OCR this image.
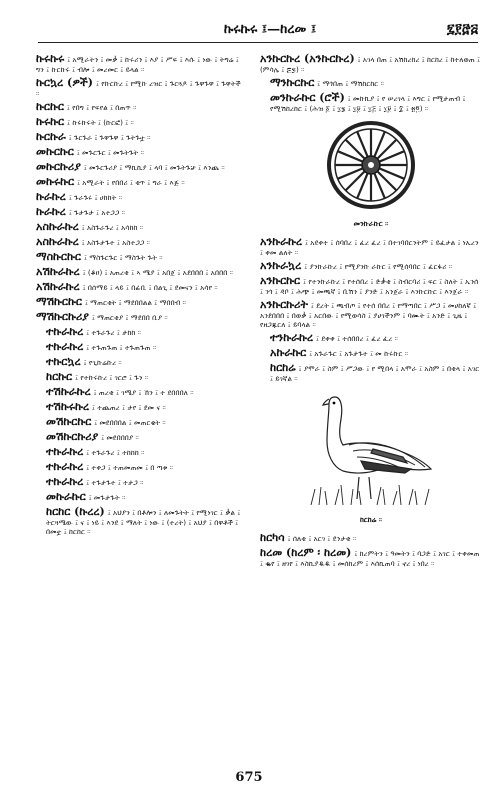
ኩሩኩሩ ፤—ከረመ ፤	፯፻፸፭
ኩሩኩሩ ፤ አሚራትን ፤ መቃ ፤ ኩሩሪን ፤ እያ ፤ ሥፍ ፤ እሱ ፤ ነው ፤ ትግሬ ፤ ግን ፤ ኩርኩሩ ፤ ብሎ ፤ መረመር ፤ ይላል ።
ኩርኳረ (ዎች) ፤ የኩርኩረ ፤ የሚኩ ረዝር ፤ ጉርጓዶ ፤ ጉዋጉዋ ፤ ጉዋትች ።
ኩርኩር ፤ የበግ ፤ የፍየል ፤ በጠጥ ።
ኩሩኩር ፤ ኩሩኩሩት ፤ (ኩርፎ) ፤ ።
ኩርኩራ ፤ ጉርጉራ ፤ ጉዋጉዋ ፤ ጉትጉቷ ።
መኩርኩር ፤ መጉርጉር ፤ መጉትጉት ።
መኩርኩሪያ ፤ መጉርጉሪያ ፤ ማኪኪያ ፤ ላባ ፤ መጉትጉቻ ፤ እንጨ ።
መኩሩኩር ፤ አሚራት ፤ የበበሪ ፤ ቂጥ ፤ ግራ ፤ እጅ ።
ኩራኩረ ፤ ጉራጉሩ ፤ ሀከከት ።
ኩራኩረ ፤ ጉታጉታ ፤ አተጋጋ ።
አስኩራኩረ ፤ አስጉራጉረ ፤ አሳከከ ።
አስኩራኩረ ፤ አስጉታጉተ ፤ አስተጋጋ ።
ማስኩርኩር ፤ ማስጉርጉር ፤ ማስጉት ጉት ።
አሽኩራኩረ ፤ (ቆዐ) ፤ አጠረቂ ፤ ኣ ሜያ ፤ አበጀ ፤ አደበበበ ፤ አበበበ ።
አሽኩራኩረ ፤ በሰማይ ፤ ላይ ፤ በፊቢ ፤ በልጊ ፤ ደመናን ፤ አሳየ ።
ማሽኩርኩር ፤ ማጠርቂት ፤ ማደበበልል ፤ ማበበብ ።
ማሽኩርኩሪያ ፤ ማጠርቂያ ፤ ማደበበ ቢያ ።
ተኩራኩረ ፤ ተጉራጉረ ፤ ታከከ ።
ተኩራኩረ ፤ ተጉጠጉጠ ፤ ተጉጠጉጠ ።
ተኩርኳረ ፤ የጊኩሬኩረ ።
ከርኩር ፤ የተኩሩኩረ ፤ ገርሮ ፤ ጉን ።
ተሽኩራኩረ ፤ ጠረቂ ፤ ገሜያ ፤ ኸን ፤ ተ ደበበበለ ።
ተሽኩሩኩረ ፤ ተጨጠረ ፤ ታየ ፤ ደመ ና ።
መሽኩርኩር ፤ መደበበበል ፤ መጠርቄት ።
መሽኩርኩሪያ ፤ መደበበበያ ።
ተኩራኩረ ፤ ተጉራጉረ ፤ ተከከከ ።
ተኩራኩረ ፤ ተቀጋ ፤ ተጠመጠመ ፤ በ ጣቱ ።
ተኩራኩረ ፤ ተጉታጉተ ፤ ተታጋ ።
መኩራኩር ፤ መጉታጉት ።
ከርከር (ኩረረ) ፤ አህያን ፤ በቶሎን ፤ ለመጉትት ፤ የሚነገር ፤ ቃል ፤ ትርጓሜው ፤ ና ፤ ነይ ፤ እንደ ፤ ማለት ፤ ነው ፤ (ተረት) ፤ አህያ ፤ በዋቶች ፤ በመቷ ፤ ከርከር ።
አንኩርኩረ (አንኩርኩረ) ፤ አገላ በጠ ፤ አሽከረከረ ፤ ከርከረ ፤ ከተለወጠ ፤ (ምሳሌ ፤ ፷፯) ።
ማንኩርኩር ፤ ማጎበጠ ፤ ማሽከርከር ።
መንኩራኩር (ሮች) ፤ መኩኪያ ፤ የ ሠረገላ ፤ እግር ፤ የሚታጠብ ፤ የሚሽከረከር ፤ (ሕዝ ፩ ፤ ፲፮ ፤ ፲፱ ፤ ፲፭ ፤ ፲፱ ፤ ፰ ፤ ፳፬) ።
መንኩራኩር ።
አንኩራኩረ ፤ አደቀተ ፤ ሰባበረ ፤ ፈረ ፈረ ፤ በተገባበርንትም ፤ ይፈታል ፤ ነኡረን ፤ ቀመ ልለት ።
አንኩራኳረ ፤ ያንኩራኩረ ፤ የሚያንኩ ራኩር ፤ የሚሰባበር ፤ ፈርፋሪ ።
አንኩርኩር ፤ የተንኩራኩረ ፤ የተሰበረ ፤ ድቃቂ ፤ ስብርባሪ ፤ ፍር ፤ ስለት ፤ ኡንሰ ፤ ንጎ ፤ ዳቦ ፤ ሕጭ ፤ መጫኛ ፤ ቢሽን ፤ ያንድ ፤ አንጀራ ፤ እንኩርኩር ፤ እንጀራ ።
አንኩርኩሪት ፤ ደረት ፤ ጫብጦ ፤ የተሰ በበረ ፤ የማጣበር ፤ ሥጋ ፤ መሀከለኛ ፤ አንደበበበ ፤ በወቃ ፤ አርበው ፤ የሚወሳስ ፤ ያሀገችንም ፤ ባሙት ፤ አንድ ፤ ጊዜ ፤ የዘጋጁርለ ፤ ይባላል ።
ተንኩራኩረ ፤ ደቀቀ ፤ ተሰበበረ ፤ ፈረ ፈረ ።
አኩራኩር ፤ አጉራጉር ፤ አጉታጉተ ፤ መ ኩሩኩር ።
ከርከሬ ፤ ያሞራ ፤ ስም ፤ ሥጋው ፤ የ ሚበላ ፤ አሞራ ፤ አስም ፤ በቂላ ፤ አገር ፤ ይገኛል ።
ከርከሬ ።
ከርካሳ ፤ ሰለቂ ፤ አርገ ፤ ደንታቂ ።
ከረመ (ከረም ፡ ከረመ) ፤ ከረምትን ፤ ዓመትን ፤ ባጋድ ፤ አገር ፤ ተቀመጠ ፤ ቈየ ፤ ዘገየ ፤ እስኪያዱዱ ፤ መሰከረም ፤ እሰኪጠባ ፤ ኖረ ፤ ነበረ ።
675
